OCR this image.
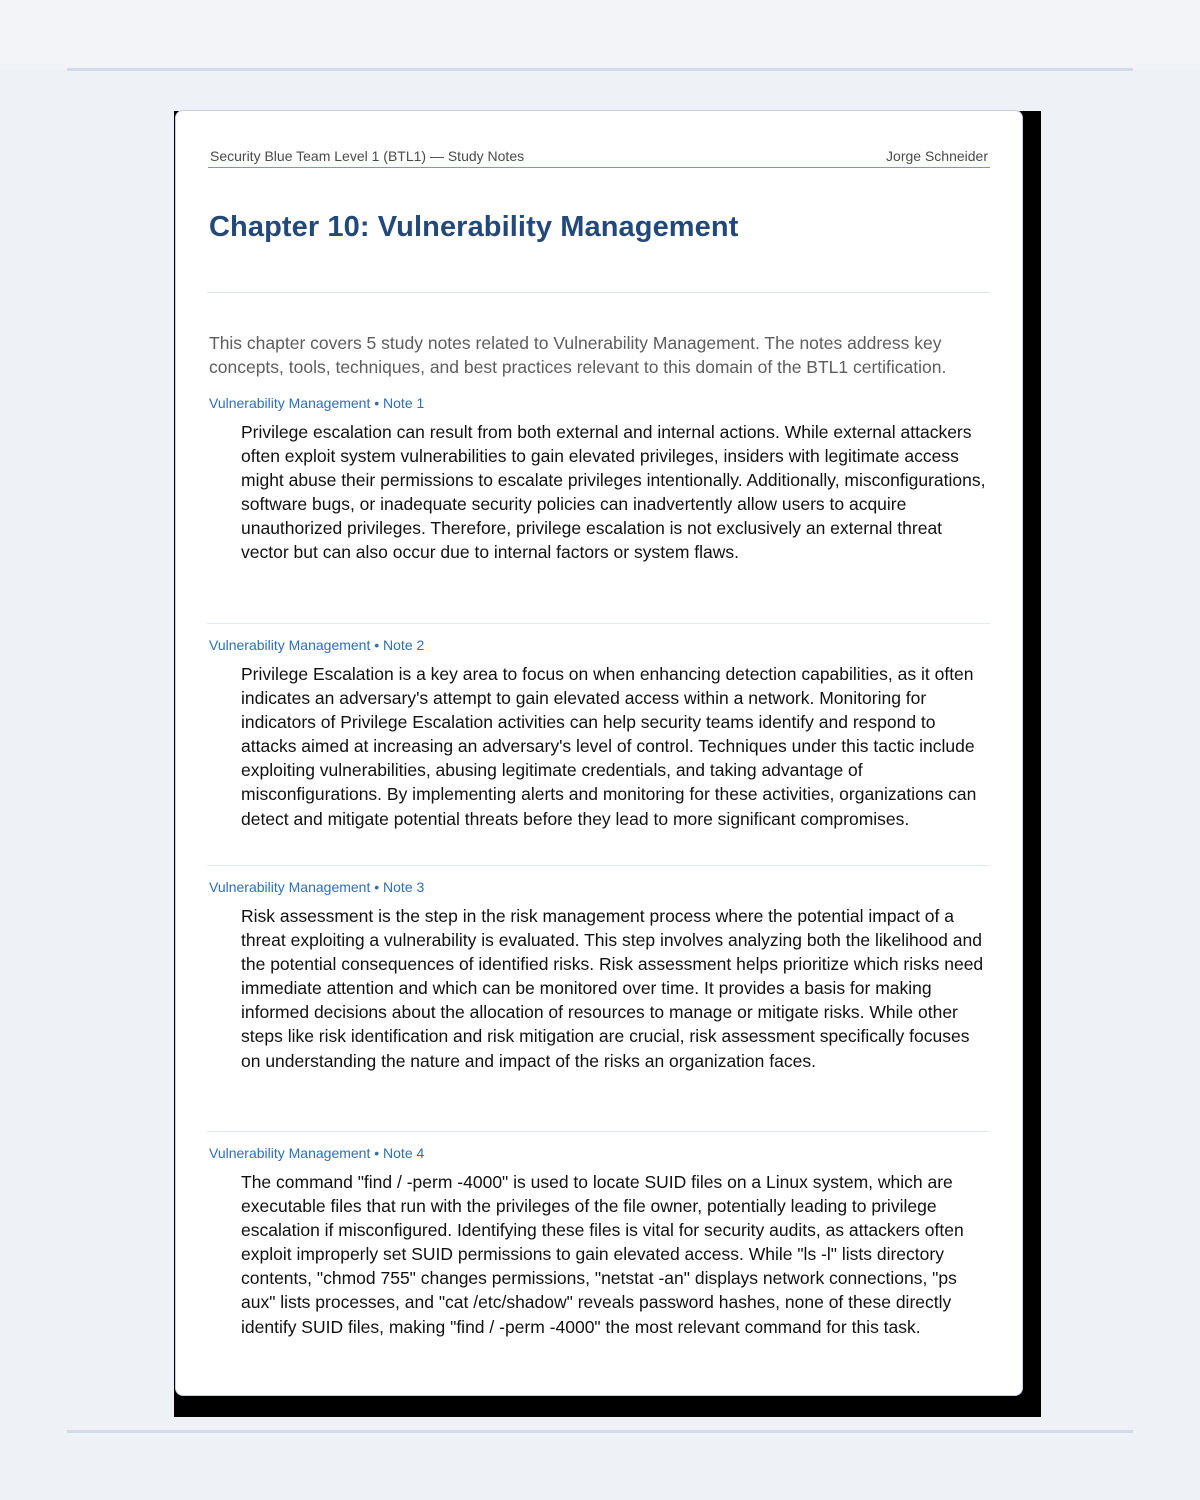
Security Blue Team Level 1 (BTL1) — Study Notes	Jorge Schneider
Chapter 10: Vulnerability Management

This chapter covers 5 study notes related to Vulnerability Management. The notes address key concepts, tools, techniques, and best practices relevant to this domain of the BTL1 certification.

Vulnerability Management • Note 1

Privilege escalation can result from both external and internal actions. While external attackers often exploit system vulnerabilities to gain elevated privileges, insiders with legitimate access might abuse their permissions to escalate privileges intentionally. Additionally, misconfigurations, software bugs, or inadequate security policies can inadvertently allow users to acquire unauthorized privileges. Therefore, privilege escalation is not exclusively an external threat vector but can also occur due to internal factors or system flaws.

Vulnerability Management • Note 2

Privilege Escalation is a key area to focus on when enhancing detection capabilities, as it often indicates an adversary's attempt to gain elevated access within a network. Monitoring for indicators of Privilege Escalation activities can help security teams identify and respond to attacks aimed at increasing an adversary's level of control. Techniques under this tactic include exploiting vulnerabilities, abusing legitimate credentials, and taking advantage of misconfigurations. By implementing alerts and monitoring for these activities, organizations can detect and mitigate potential threats before they lead to more significant compromises.

Vulnerability Management • Note 3

Risk assessment is the step in the risk management process where the potential impact of a threat exploiting a vulnerability is evaluated. This step involves analyzing both the likelihood and the potential consequences of identified risks. Risk assessment helps prioritize which risks need immediate attention and which can be monitored over time. It provides a basis for making informed decisions about the allocation of resources to manage or mitigate risks. While other steps like risk identification and risk mitigation are crucial, risk assessment specifically focuses on understanding the nature and impact of the risks an organization faces.

Vulnerability Management • Note 4

The command "find / -perm -4000" is used to locate SUID files on a Linux system, which are executable files that run with the privileges of the file owner, potentially leading to privilege escalation if misconfigured. Identifying these files is vital for security audits, as attackers often exploit improperly set SUID permissions to gain elevated access. While "ls -l" lists directory contents, "chmod 755" changes permissions, "netstat -an" displays network connections, "ps aux" lists processes, and "cat /etc/shadow" reveals password hashes, none of these directly identify SUID files, making "find / -perm -4000" the most relevant command for this task.
